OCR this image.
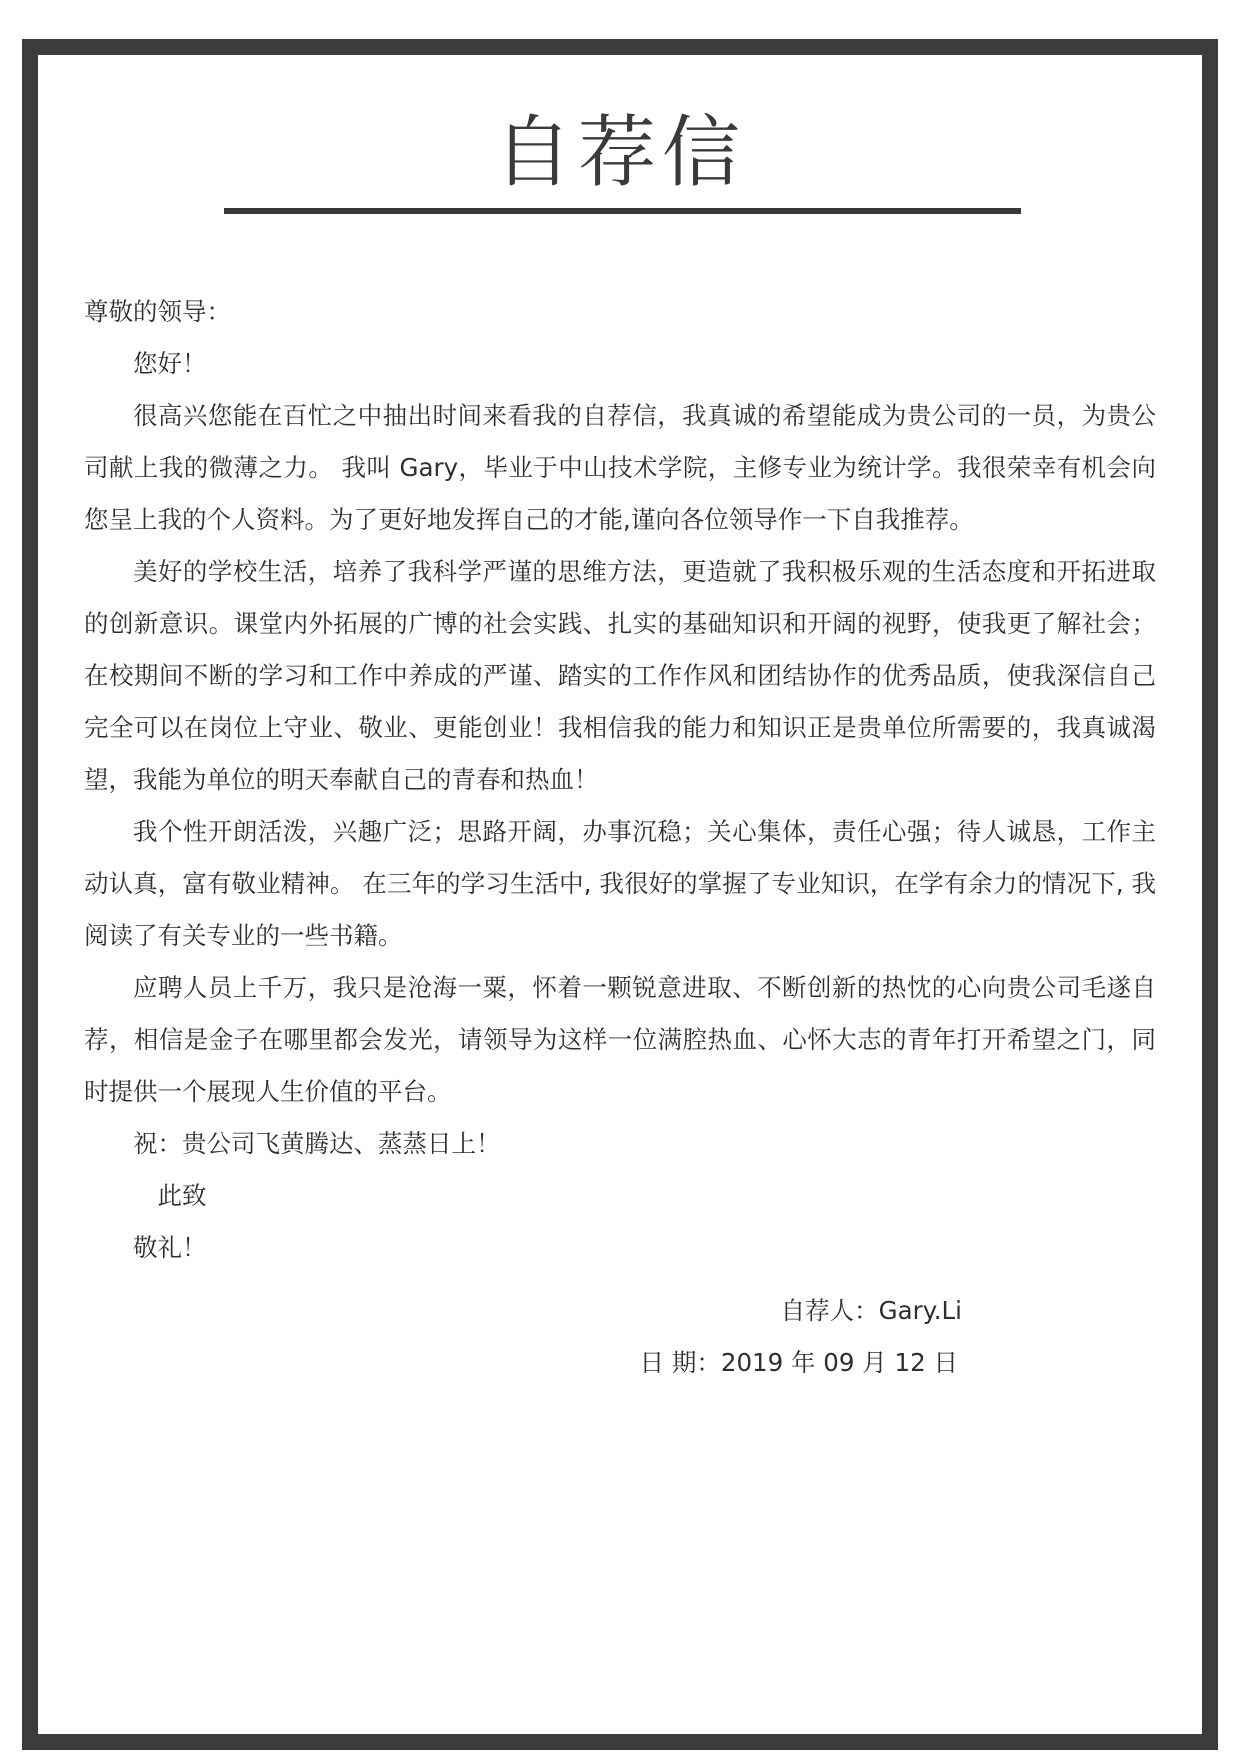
自荐信

尊敬的领导：

您好！

很高兴您能在百忙之中抽出时间来看我的自荐信，我真诚的希望能成为贵公司的一员，为贵公司献上我的微薄之力。 我叫 Gary，毕业于中山技术学院，主修专业为统计学。我很荣幸有机会向您呈上我的个人资料。为了更好地发挥自己的才能,谨向各位领导作一下自我推荐。

美好的学校生活，培养了我科学严谨的思维方法，更造就了我积极乐观的生活态度和开拓进取的创新意识。课堂内外拓展的广博的社会实践、扎实的基础知识和开阔的视野，使我更了解社会；在校期间不断的学习和工作中养成的严谨、踏实的工作作风和团结协作的优秀品质，使我深信自己完全可以在岗位上守业、敬业、更能创业！我相信我的能力和知识正是贵单位所需要的，我真诚渴望，我能为单位的明天奉献自己的青春和热血！

我个性开朗活泼，兴趣广泛；思路开阔，办事沉稳；关心集体，责任心强；待人诚恳，工作主动认真，富有敬业精神。 在三年的学习生活中, 我很好的掌握了专业知识，在学有余力的情况下, 我阅读了有关专业的一些书籍。

应聘人员上千万，我只是沧海一粟，怀着一颗锐意进取、不断创新的热忱的心向贵公司毛遂自荐，相信是金子在哪里都会发光，请领导为这样一位满腔热血、心怀大志的青年打开希望之门，同时提供一个展现人生价值的平台。

祝：贵公司飞黄腾达、蒸蒸日上！

此致

敬礼！

自荐人：Gary.Li
日 期：2019 年 09 月 12 日
